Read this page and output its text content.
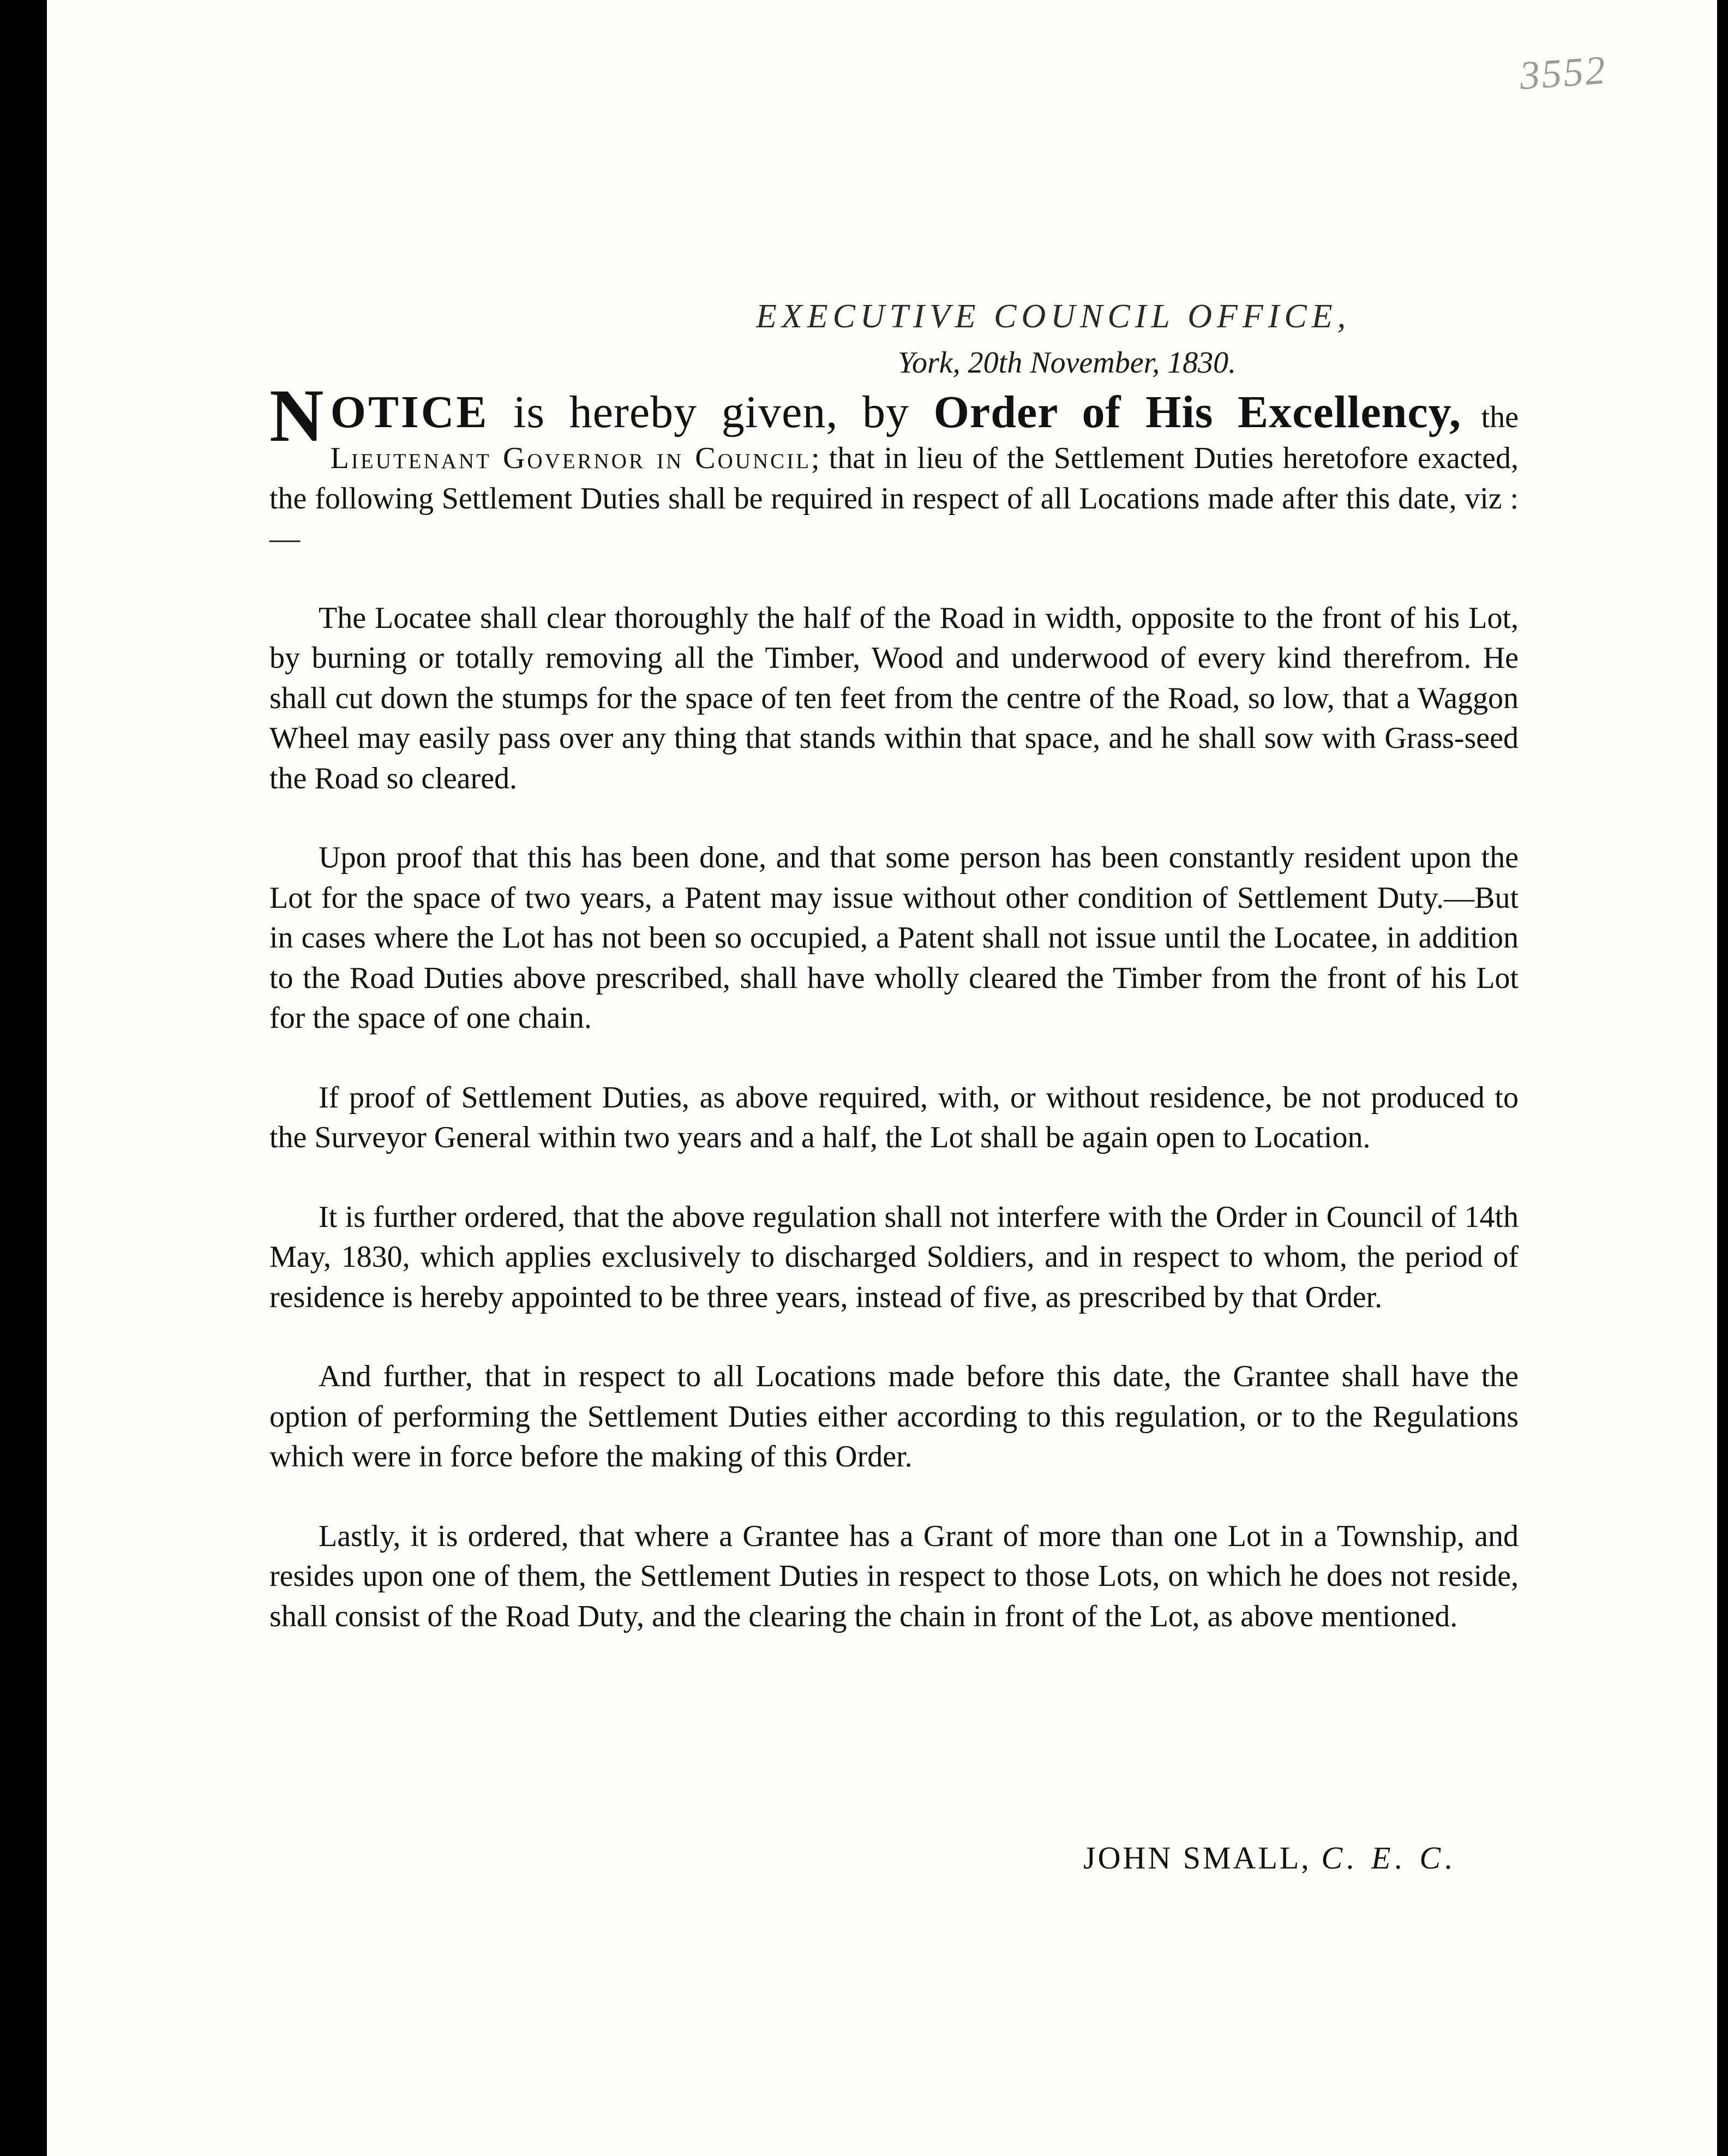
3552
EXECUTIVE COUNCIL OFFICE,
York, 20th November, 1830.

NOTICE is hereby given, by Order of His Excellency, the Lieutenant Governor in Council; that in lieu of the Settlement Duties heretofore exacted, the following Settlement Duties shall be required in respect of all Locations made after this date, viz :—

The Locatee shall clear thoroughly the half of the Road in width, opposite to the front of his Lot, by burning or totally removing all the Timber, Wood and underwood of every kind therefrom. He shall cut down the stumps for the space of ten feet from the centre of the Road, so low, that a Waggon Wheel may easily pass over any thing that stands within that space, and he shall sow with Grass-seed the Road so cleared.

Upon proof that this has been done, and that some person has been constantly resident upon the Lot for the space of two years, a Patent may issue without other condition of Settlement Duty.—But in cases where the Lot has not been so occupied, a Patent shall not issue until the Locatee, in addition to the Road Duties above prescribed, shall have wholly cleared the Timber from the front of his Lot for the space of one chain.

If proof of Settlement Duties, as above required, with, or without residence, be not produced to the Surveyor General within two years and a half, the Lot shall be again open to Location.

It is further ordered, that the above regulation shall not interfere with the Order in Council of 14th May, 1830, which applies exclusively to discharged Soldiers, and in respect to whom, the period of residence is hereby appointed to be three years, instead of five, as prescribed by that Order.

And further, that in respect to all Locations made before this date, the Grantee shall have the option of performing the Settlement Duties either according to this regulation, or to the Regulations which were in force before the making of this Order.

Lastly, it is ordered, that where a Grantee has a Grant of more than one Lot in a Township, and resides upon one of them, the Settlement Duties in respect to those Lots, on which he does not reside, shall consist of the Road Duty, and the clearing the chain in front of the Lot, as above mentioned.

JOHN SMALL, C. E. C.
